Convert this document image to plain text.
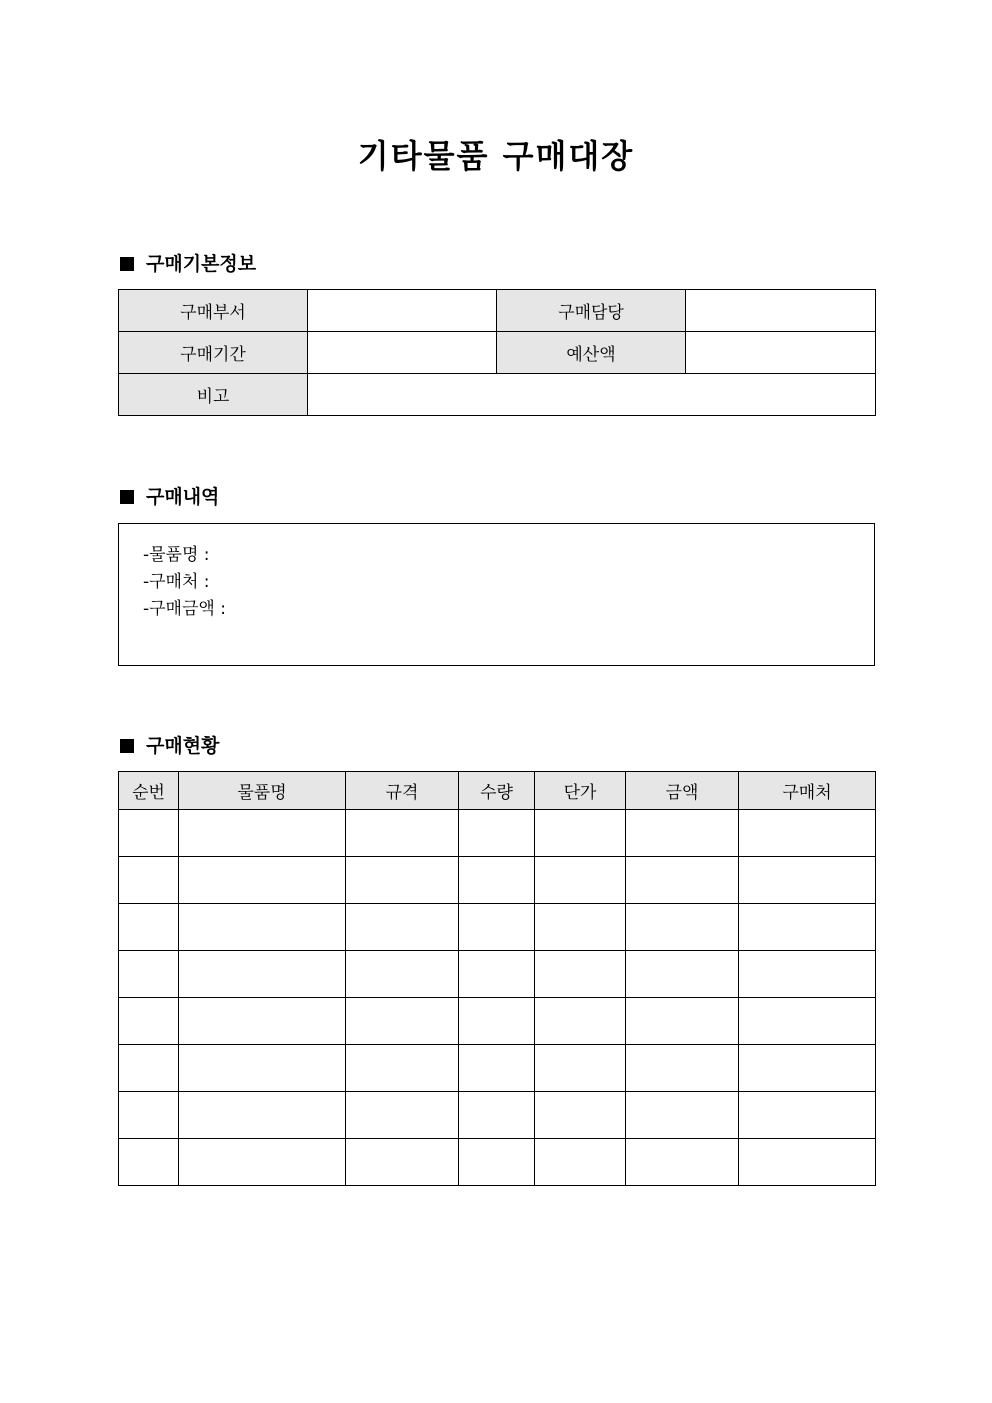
기타물품 구매대장
구매기본정보
구매부서		구매담당	
구매기간		예산액	
비고			
구매내역
-물품명 :
-구매처 :
-구매금액 :
구매현황
순번	물품명	규격	수량	단가	금액	구매처
